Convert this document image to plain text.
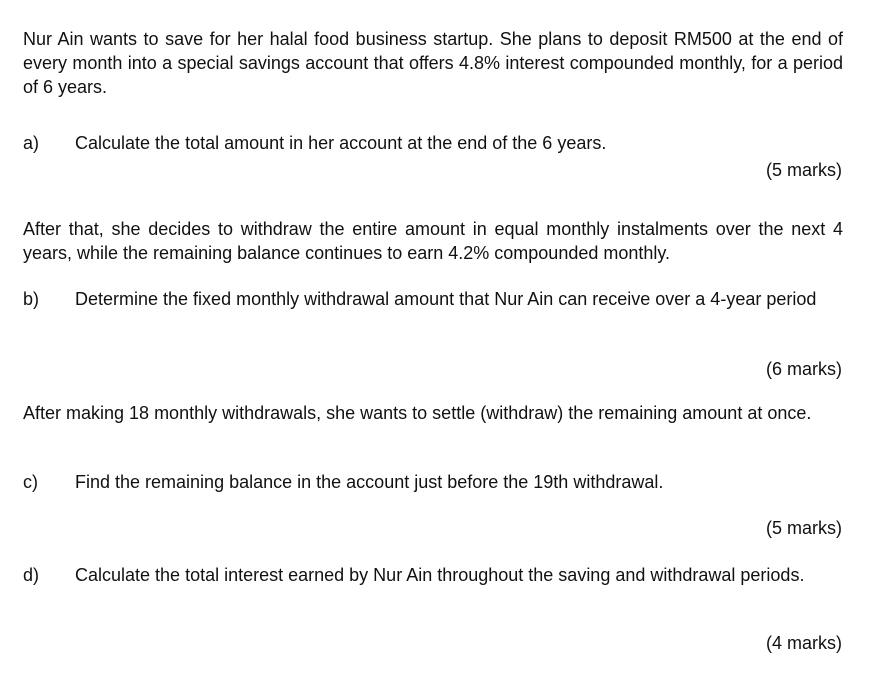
Nur Ain wants to save for her halal food business startup. She plans to deposit RM500 at the end of every month into a special savings account that offers 4.8% interest compounded monthly, for a period of 6 years.

a) Calculate the total amount in her account at the end of the 6 years.
(5 marks)

After that, she decides to withdraw the entire amount in equal monthly instalments over the next 4 years, while the remaining balance continues to earn 4.2% compounded monthly.

b) Determine the fixed monthly withdrawal amount that Nur Ain can receive over a 4-year period
(6 marks)

After making 18 monthly withdrawals, she wants to settle (withdraw) the remaining amount at once.

c) Find the remaining balance in the account just before the 19th withdrawal.
(5 marks)
d) Calculate the total interest earned by Nur Ain throughout the saving and withdrawal periods.
(4 marks)
